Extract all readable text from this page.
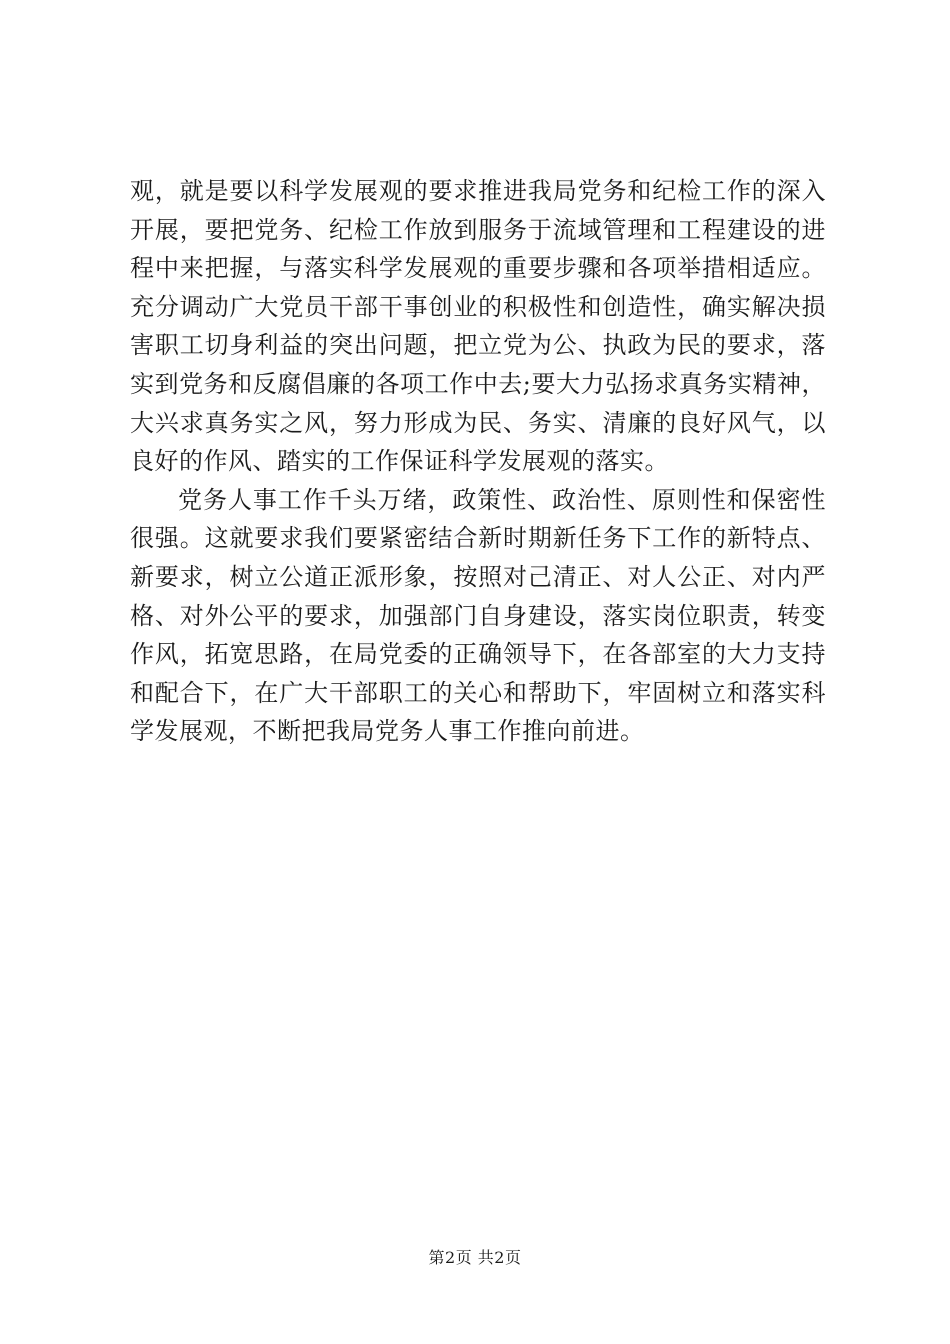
观，就是要以科学发展观的要求推进我局党务和纪检工作的深入开展，要把党务、纪检工作放到服务于流域管理和工程建设的进程中来把握，与落实科学发展观的重要步骤和各项举措相适应。充分调动广大党员干部干事创业的积极性和创造性，确实解决损害职工切身利益的突出问题，把立党为公、执政为民的要求，落实到党务和反腐倡廉的各项工作中去;要大力弘扬求真务实精神，大兴求真务实之风，努力形成为民、务实、清廉的良好风气，以良好的作风、踏实的工作保证科学发展观的落实。

党务人事工作千头万绪，政策性、政治性、原则性和保密性很强。这就要求我们要紧密结合新时期新任务下工作的新特点、新要求，树立公道正派形象，按照对己清正、对人公正、对内严格、对外公平的要求，加强部门自身建设，落实岗位职责，转变作风，拓宽思路，在局党委的正确领导下，在各部室的大力支持和配合下，在广大干部职工的关心和帮助下，牢固树立和落实科学发展观，不断把我局党务人事工作推向前进。

第2页 共2页
